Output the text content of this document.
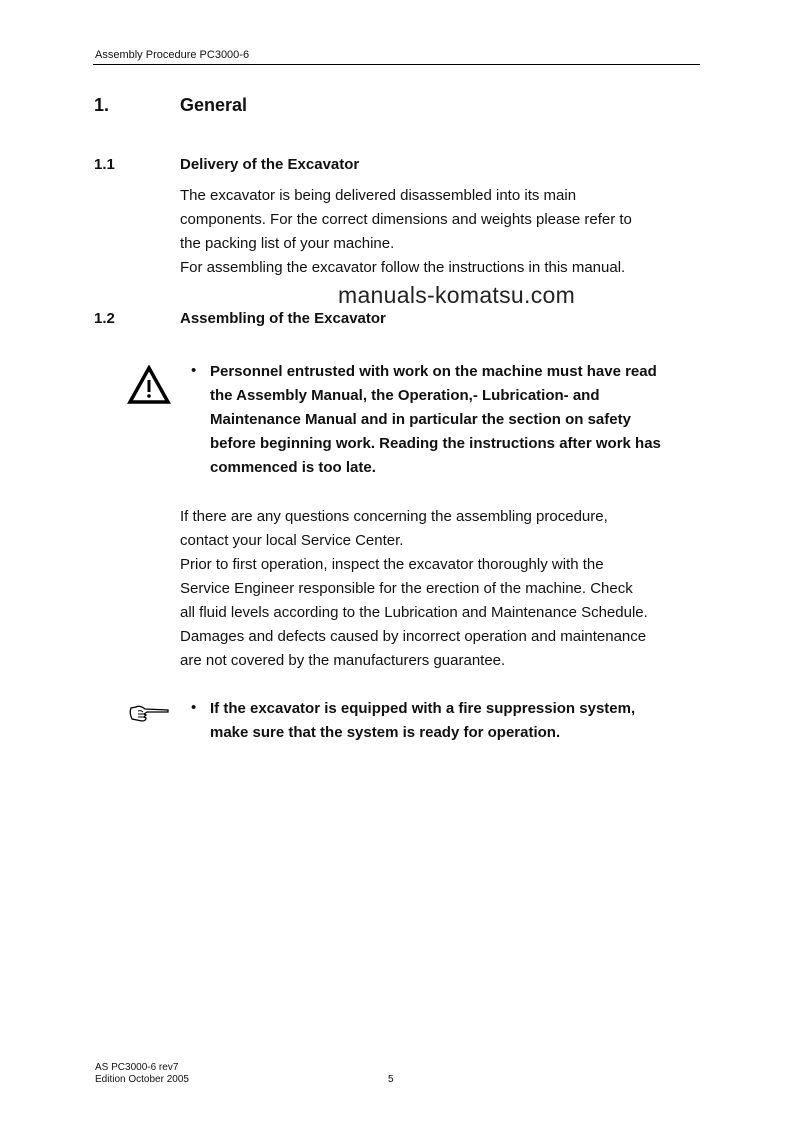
Assembly Procedure PC3000-6
1.	General
1.1	Delivery of the Excavator
The excavator is being delivered disassembled into its main
components. For the correct dimensions and weights please refer to
the packing list of your machine.
For assembling the excavator follow the instructions in this manual.
manuals-komatsu.com
1.2	Assembling of the Excavator
• Personnel entrusted with work on the machine must have read
the Assembly Manual, the Operation,- Lubrication- and
Maintenance Manual and in particular the section on safety
before beginning work. Reading the instructions after work has
commenced is too late.
If there are any questions concerning the assembling procedure,
contact your local Service Center.
Prior to first operation, inspect the excavator thoroughly with the
Service Engineer responsible for the erection of the machine. Check
all fluid levels according to the Lubrication and Maintenance Schedule.
Damages and defects caused by incorrect operation and maintenance
are not covered by the manufacturers guarantee.
• If the excavator is equipped with a fire suppression system,
make sure that the system is ready for operation.
AS PC3000-6 rev7
Edition October 2005	5
